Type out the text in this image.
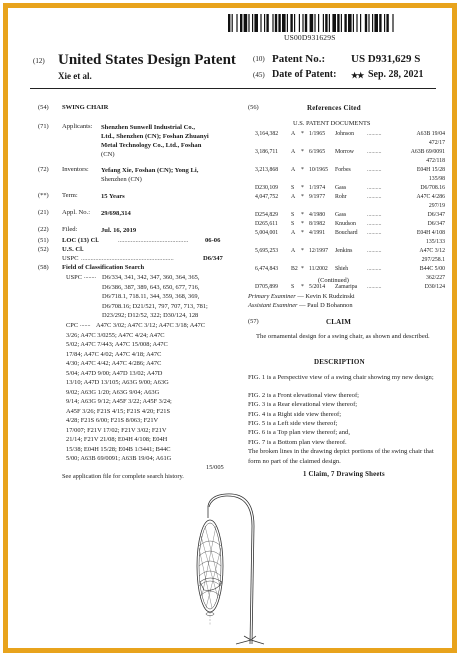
US00D931629S
(12) United States Design Patent
Xie et al.
(10) Patent No.: US D931,629 S
(45) Date of Patent: ★★ Sep. 28, 2021
(54) SWING CHAIR
(71) Applicants: Shenzhen Sunwell Industrial Co.,
Ltd., Shenzhen (CN); Foshan Zhuanyi
Metal Technology Co., Ltd., Foshan
(CN)
(72) Inventors: Yefang Xie, Foshan (CN); Yong Li,
Shenzhen (CN)
(**) Term:	15 Years
(21) Appl. No.: 29/698,314
(22) Filed:	Jul. 16, 2019
(51) LOC (13) Cl.	............................................	06-06
(52) U.S. Cl.
USPC ..........................................................	D6/347
(58) Field of Classification Search
USPC ........ D6/334, 341, 342, 347, 360, 364, 365,
D6/386, 387, 389, 643, 650, 677, 716,
D6/718.1, 718.11, 344, 359, 368, 369,
D6/708.16; D21/521, 797, 707, 713, 781;
D23/292; D12/52, 322; D30/124, 128
CPC ....... A47C 3/02; A47C 3/12; A47C 3/18; A47C
3/26; A47C 3/0255; A47C 4/24; A47C
5/02; A47C 7/443; A47C 15/008; A47C
17/84; A47C 4/02; A47C 4/18; A47C
4/30; A47C 4/42; A47C 4/286; A47C
5/04; A47D 9/00; A47D 13/02; A47D
13/10; A47D 13/105; A63G 9/00; A63G
9/02; A63G 1/20; A63G 9/04; A63G
9/14; A63G 9/12; A45F 3/22; A45F 3/24;
A45F 3/26; F21S 4/15; F21S 4/20; F21S
4/28; F21S 6/00; F21S 8/063; F21V
17/007; F21V 17/02; F21V 3/02; F21V
21/14; F21V 21/08; E04H 4/108; E04H
15/38; E04H 15/28; E04B 1/3441; B44C
5/00; A63B 69/0091; A63B 19/04; A61G
15/005
See application file for complete search history.
(56)	References Cited
U.S. PATENT DOCUMENTS
3,164,382 A * 1/1965 Johnson ..........	A63B 19/04
472/17
3,186,711 A * 6/1965 Morrow ..........	A63B 69/0091
472/118
3,213,868 A * 10/1965 Forbes	..........	E04H 15/28
135/98
D230,109 S * 1/1974 Gass	..........	D6/708.16
4,047,752 A * 9/1977 Rohr	..........	A47C 4/286
297/19
D254,829 S * 4/1980 Gass	..........	D6/347
D265,611 S * 8/1982 Knudson ..........	D6/347
5,004,001 A * 4/1991 Bouchard ..........	E04H 4/108
135/133
5,695,253 A * 12/1997 Jenkins	..........	A47C 3/12
297/258.1
6,474,843 B2 * 11/2002 Shieh	..........	B44C 5/00
362/227
D705,899 S * 5/2014 Zamaripa ..........	D30/124
(Continued)
Primary Examiner — Kevin K Rudzinski
Assistant Examiner — Paul D Bohannon
(57)	CLAIM
The ornamental design for a swing chair, as shown and described.
DESCRIPTION
FIG. 1 is a Perspective view of a swing chair showing my new design;
FIG. 2 is a Front elevational view thereof;
FIG. 3 is a Rear elevational view thereof;
FIG. 4 is a Right side view thereof;
FIG. 5 is a Left side view thereof;
FIG. 6 is a Top plan view thereof; and,
FIG. 7 is a Bottom plan view thereof.
The broken lines in the drawing depict portions of the swing chair that form no part of the claimed design.
1 Claim, 7 Drawing Sheets
